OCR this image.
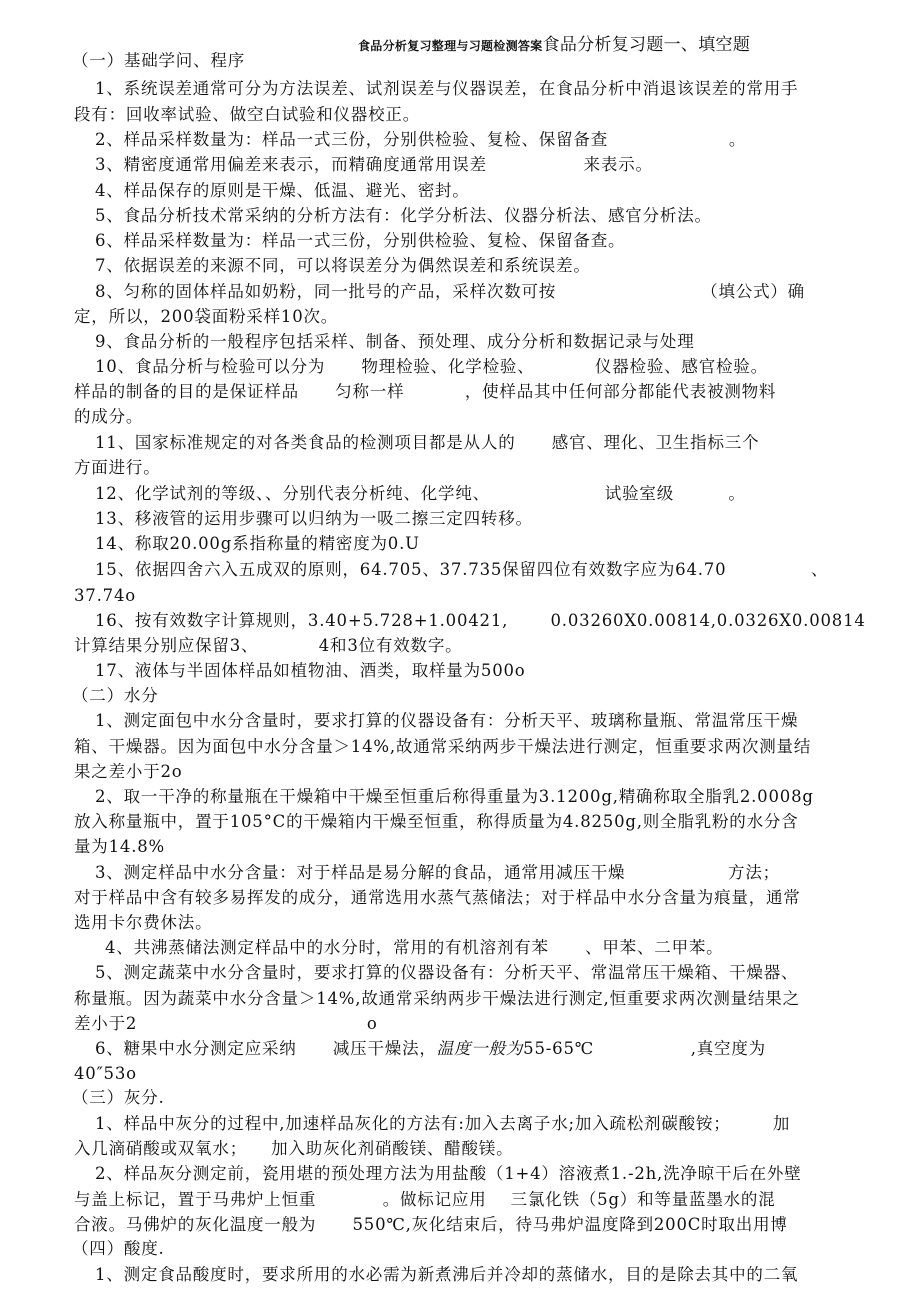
食品分析复习整理与习题检测答案食品分析复习题一、填空题
（一）基础学问、程序
1、系统误差通常可分为方法误差、试剂误差与仪器误差，在食品分析中消退该误差的常用手
段有：回收率试验、做空白试验和仪器校正。
2、样品采样数量为：样品一式三份，分别供检验、复检、保留备查                    。
3、精密度通常用偏差来表示，而精确度通常用误差                来表示。
4、样品保存的原则是干燥、低温、避光、密封。
5、食品分析技术常采纳的分析方法有：化学分析法、仪器分析法、感官分析法。
6、样品采样数量为：样品一式三份，分别供检验、复检、保留备查。
7、依据误差的来源不同，可以将误差分为偶然误差和系统误差。
8、匀称的固体样品如奶粉，同一批号的产品，采样次数可按                        （填公式）确
定，所以，200袋面粉采样10次。
9、食品分析的一般程序包括采样、制备、预处理、成分分析和数据记录与处理
10、食品分析与检验可以分为      物理检验、化学检验、          仪器检验、感官检验。
样品的制备的目的是保证样品      匀称一样          ，使样品其中任何部分都能代表被测物料
的成分。
11、国家标准规定的对各类食品的检测项目都是从人的      感官、理化、卫生指标三个
方面进行。
12、化学试剂的等级、、分别代表分析纯、化学纯、                   试验室级         。
13、移液管的运用步骤可以归纳为一吸二擦三定四转移。
14、称取20.00g系指称量的精密度为0.U
15、依据四舍六入五成双的原则，64.705、37.735保留四位有效数字应为64.70              、
37.74o
16、按有效数字计算规则，3.40+5.728+1.00421,       0.03260X0.00814,0.0326X0.00814
计算结果分别应保留3、          4和3位有效数字。
17、液体与半固体样品如植物油、酒类，取样量为500o
（二）水分
1、测定面包中水分含量时，要求打算的仪器设备有：分析天平、玻璃称量瓶、常温常压干燥
箱、干燥器。因为面包中水分含量＞14%,故通常采纳两步干燥法进行测定，恒重要求两次测量结
果之差小于2o
2、取一干净的称量瓶在干燥箱中干燥至恒重后称得重量为3.1200g,精确称取全脂乳2.0008g
放入称量瓶中，置于105°C的干燥箱内干燥至恒重，称得质量为4.8250g,则全脂乳粉的水分含
量为14.8%
3、测定样品中水分含量：对于样品是易分解的食品，通常用减压干燥                 方法；
对于样品中含有较多易挥发的成分，通常选用水蒸气蒸储法；对于样品中水分含量为痕量，通常
选用卡尔费休法。
4、共沸蒸储法测定样品中的水分时，常用的有机溶剂有苯      、甲苯、二甲苯。
5、测定蔬菜中水分含量时，要求打算的仪器设备有：分析天平、常温常压干燥箱、干燥器、
称量瓶。因为蔬菜中水分含量＞14%,故通常采纳两步干燥法进行测定,恒重要求两次测量结果之
差小于2                                      o
6、糖果中水分测定应采纳      减压干燥法，温度一般为55-65℃                ,真空度为
40″53o
（三）灰分.
1、样品中灰分的过程中,加速样品灰化的方法有:加入去离子水;加入疏松剂碳酸铵；       加
入几滴硝酸或双氧水；    加入助灰化剂硝酸镁、醋酸镁。
2、样品灰分测定前，瓷用堪的预处理方法为用盐酸（1+4）溶液煮1.-2h,洗净晾干后在外壁
与盖上标记，置于马弗炉上恒重           。做标记应用    三氯化铁（5g）和等量蓝墨水的混
合液。马佛炉的灰化温度一般为      550℃,灰化结束后，待马弗炉温度降到200C时取出用博
（四）酸度.
1、测定食品酸度时，要求所用的水必需为新煮沸后并冷却的蒸储水，目的是除去其中的二氧
